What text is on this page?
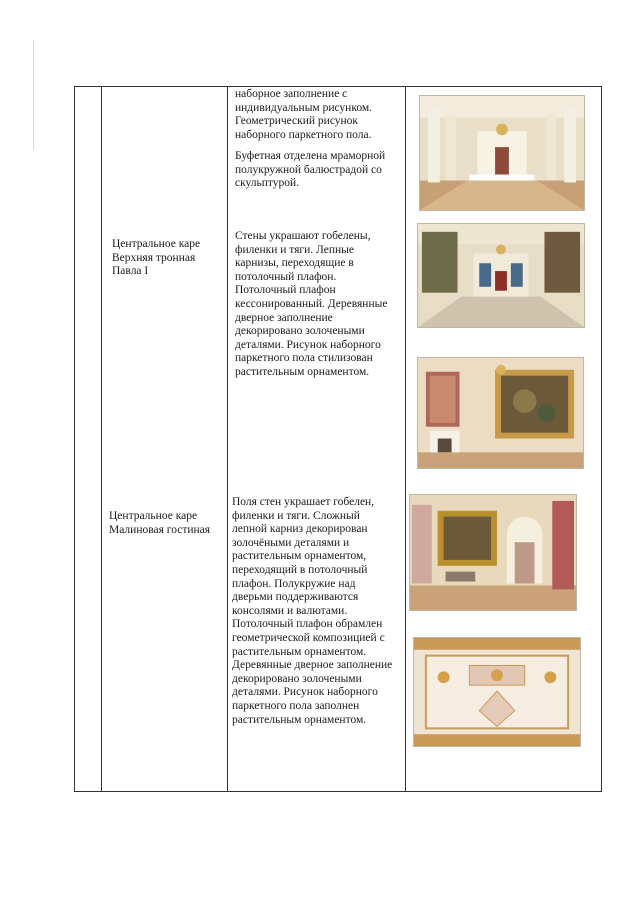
наборное заполнение с
индивидуальным рисунком.
Геометрический рисунок
наборного паркетного пола.
Буфетная отделена мраморной
полукружной балюстрадой со
скульптурой.
Центральное каре
Верхняя тронная
Павла I
Стены украшают гобелены,
филенки и тяги. Лепные
карнизы, переходящие в
потолочный плафон.
Потолочный плафон
кессонированный. Деревянные
дверное заполнение
декорировано золочеными
деталями. Рисунок наборного
паркетного пола стилизован
растительным орнаментом.
Центральное каре
Малиновая гостиная
Поля стен украшает гобелен,
филенки и тяги. Сложный
лепной карниз декорирован
золочёными деталями и
растительным орнаментом,
переходящий в потолочный
плафон. Полукружие над
дверьми поддерживаются
консолями и валютами.
Потолочный плафон обрамлен
геометрической композицией с
растительным орнаментом.
Деревянные дверное заполнение
декорировано золочеными
деталями. Рисунок наборного
паркетного пола заполнен
растительным орнаментом.
